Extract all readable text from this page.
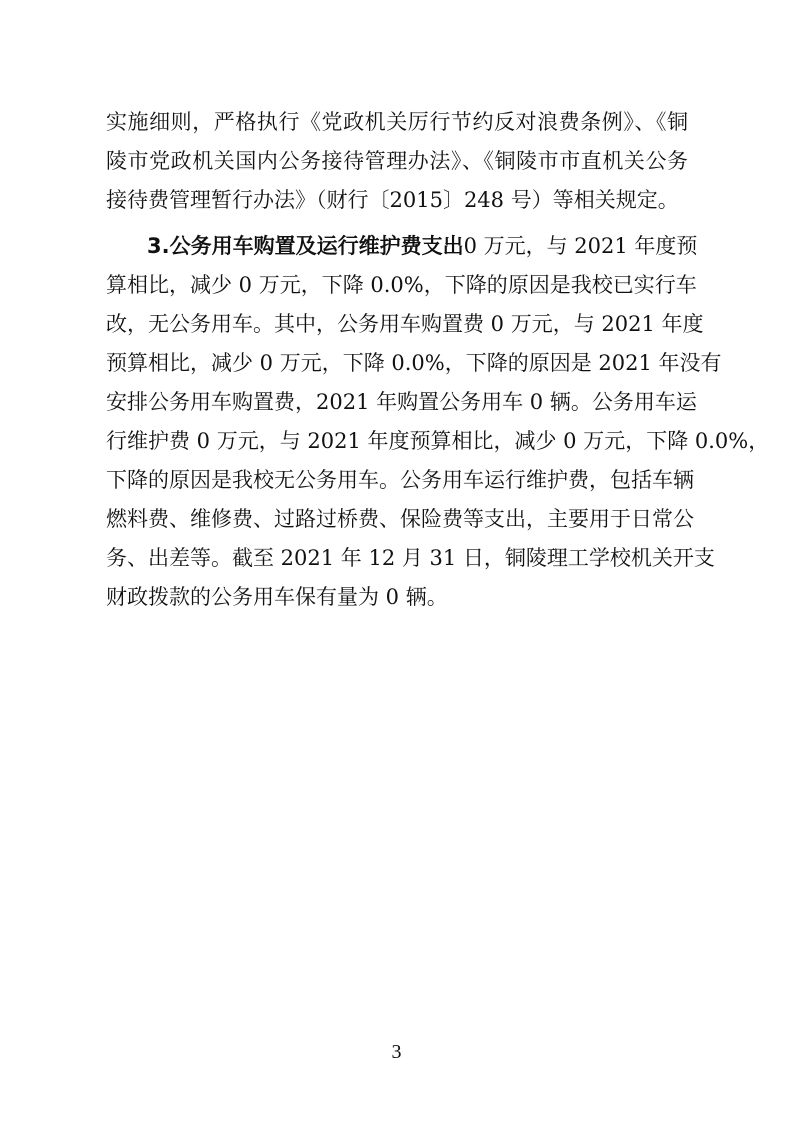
实施细则，严格执行《党政机关厉行节约反对浪费条例》、《铜
陵市党政机关国内公务接待管理办法》、《铜陵市市直机关公务
接待费管理暂行办法》（财行〔2015〕248 号）等相关规定。
3.公务用车购置及运行维护费支出0 万元，与 2021 年度预
算相比，减少 0 万元，下降 0.0%，下降的原因是我校已实行车
改，无公务用车。其中，公务用车购置费 0 万元，与 2021 年度
预算相比，减少 0 万元，下降 0.0%，下降的原因是 2021 年没有
安排公务用车购置费，2021 年购置公务用车 0 辆。公务用车运
行维护费 0 万元，与 2021 年度预算相比，减少 0 万元，下降 0.0%，
下降的原因是我校无公务用车。公务用车运行维护费，包括车辆
燃料费、维修费、过路过桥费、保险费等支出，主要用于日常公
务、出差等。截至 2021 年 12 月 31 日，铜陵理工学校机关开支
财政拨款的公务用车保有量为 0 辆。
3
